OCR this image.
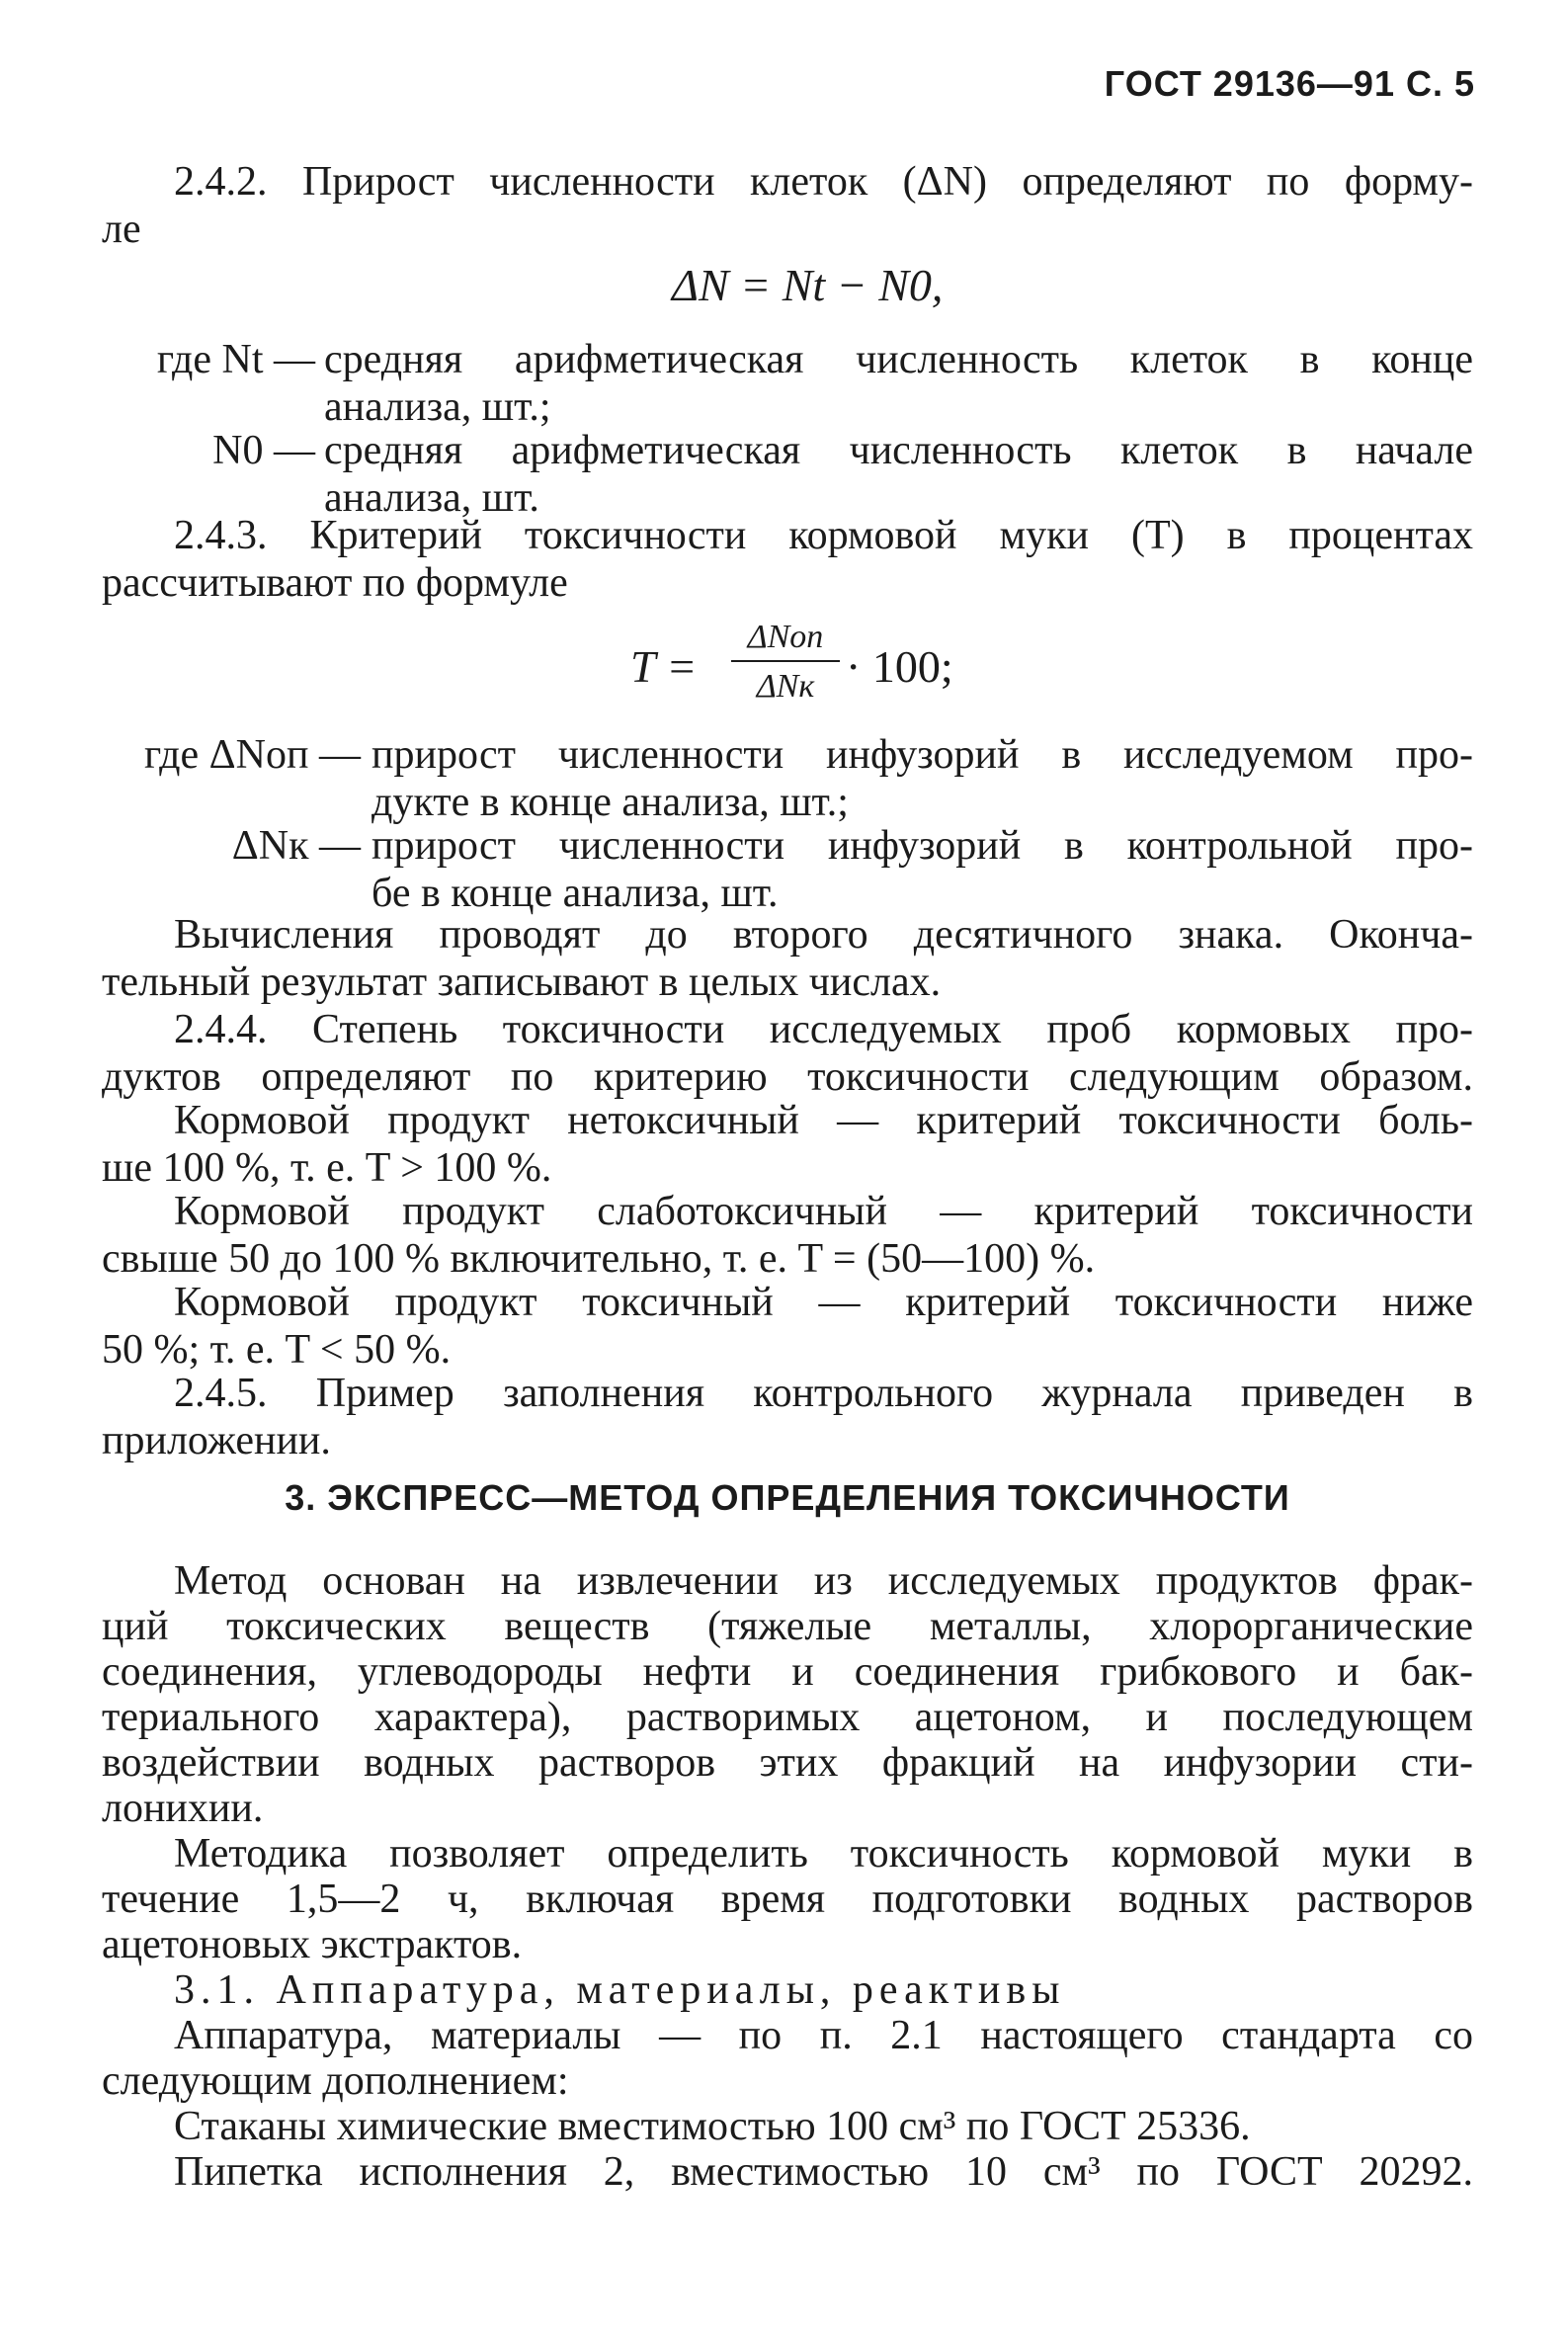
ГОСТ 29136—91 С. 5
2.4.2. Прирост численности клеток (ΔN) определяют по форму-
ле
ΔN = Nt − N0,
где Nt — средняя арифметическая численность клеток в конце
анализа, шт.;
N0 — средняя арифметическая численность клеток в начале
анализа, шт.
2.4.3. Критерий токсичности кормовой муки (T) в процентах
рассчитывают по формуле
T =
ΔNоп
ΔNк · 100;
где ΔNоп — прирост численности инфузорий в исследуемом про-
дукте в конце анализа, шт.;
ΔNк — прирост численности инфузорий в контрольной про-
бе в конце анализа, шт.
Вычисления проводят до второго десятичного знака. Оконча-
тельный результат записывают в целых числах.
2.4.4. Степень токсичности исследуемых проб кормовых про-
дуктов определяют по критерию токсичности следующим образом.
Кормовой продукт нетоксичный — критерий токсичности боль-
ше 100 %, т. е. T > 100 %.
Кормовой продукт слаботоксичный — критерий токсичности
свыше 50 до 100 % включительно, т. е. T = (50—100) %.
Кормовой продукт токсичный — критерий токсичности ниже
50 %; т. е. T < 50 %.
2.4.5. Пример заполнения контрольного журнала приведен в
приложении.
3. ЭКСПРЕСС—МЕТОД ОПРЕДЕЛЕНИЯ ТОКСИЧНОСТИ
Метод основан на извлечении из исследуемых продуктов фрак-
ций токсических веществ (тяжелые металлы, хлорорганические
соединения, углеводороды нефти и соединения грибкового и бак-
териального характера), растворимых ацетоном, и последующем
воздействии водных растворов этих фракций на инфузории сти-
лонихии.
Методика позволяет определить токсичность кормовой муки в
течение 1,5—2 ч, включая время подготовки водных растворов
ацетоновых экстрактов.
3.1. Аппаратура, материалы, реактивы
Аппаратура, материалы — по п. 2.1 настоящего стандарта со
следующим дополнением:
Стаканы химические вместимостью 100 см³ по ГОСТ 25336.
Пипетка исполнения 2, вместимостью 10 см³ по ГОСТ 20292.
